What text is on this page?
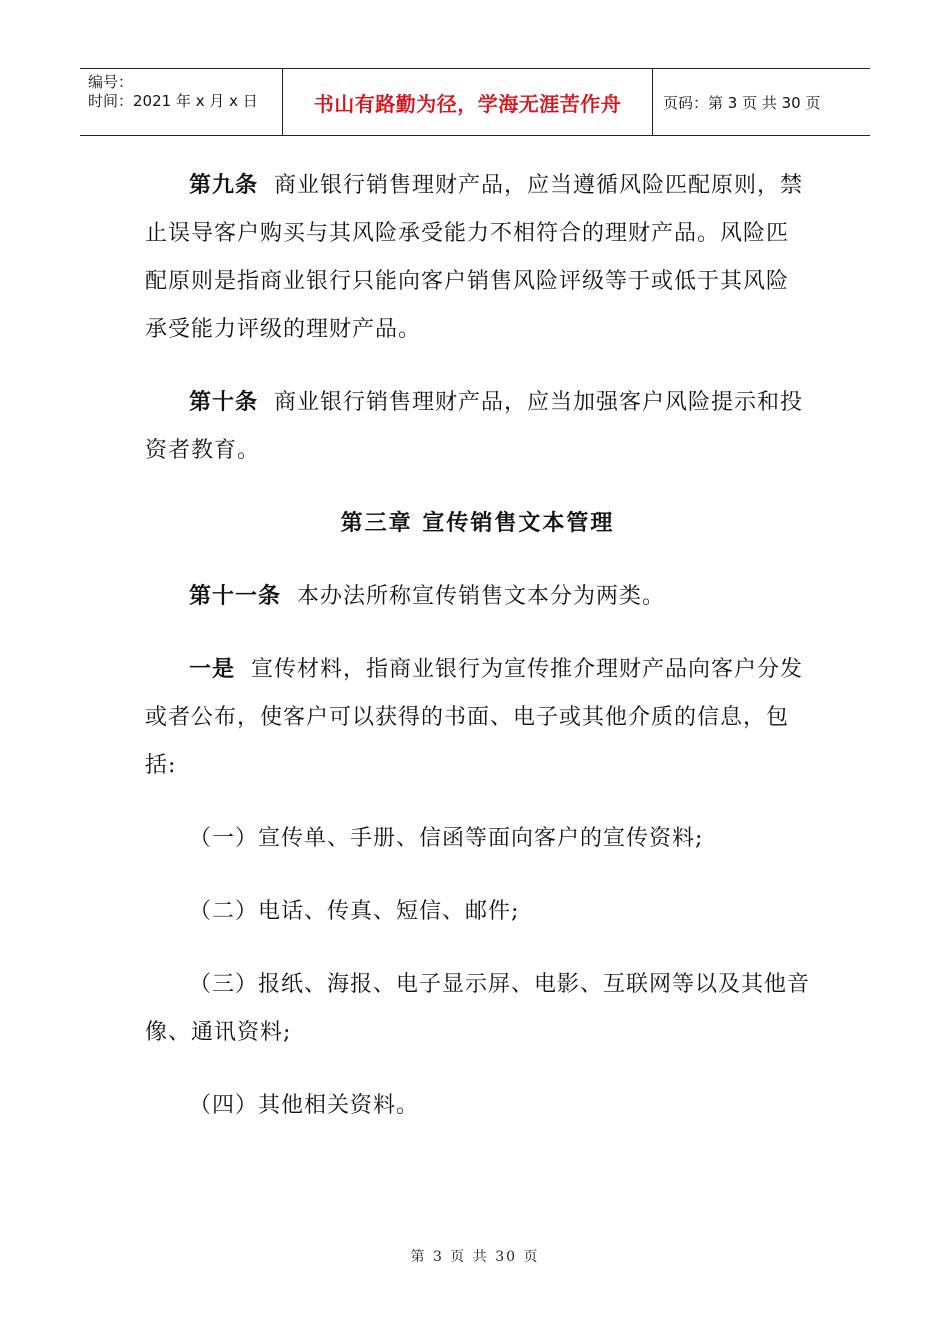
编号：
时间：2021 年 x 月 x 日	书山有路勤为径，学海无涯苦作舟	页码：第 3 页 共 30 页

第九条 商业银行销售理财产品，应当遵循风险匹配原则，禁止误导客户购买与其风险承受能力不相符合的理财产品。风险匹配原则是指商业银行只能向客户销售风险评级等于或低于其风险承受能力评级的理财产品。

第十条 商业银行销售理财产品，应当加强客户风险提示和投资者教育。

第三章 宣传销售文本管理

第十一条 本办法所称宣传销售文本分为两类。

一是 宣传材料，指商业银行为宣传推介理财产品向客户分发或者公布，使客户可以获得的书面、电子或其他介质的信息，包括:

（一）宣传单、手册、信函等面向客户的宣传资料;

（二）电话、传真、短信、邮件;

（三）报纸、海报、电子显示屏、电影、互联网等以及其他音像、通讯资料;

（四）其他相关资料。

第 3 页 共 30 页
